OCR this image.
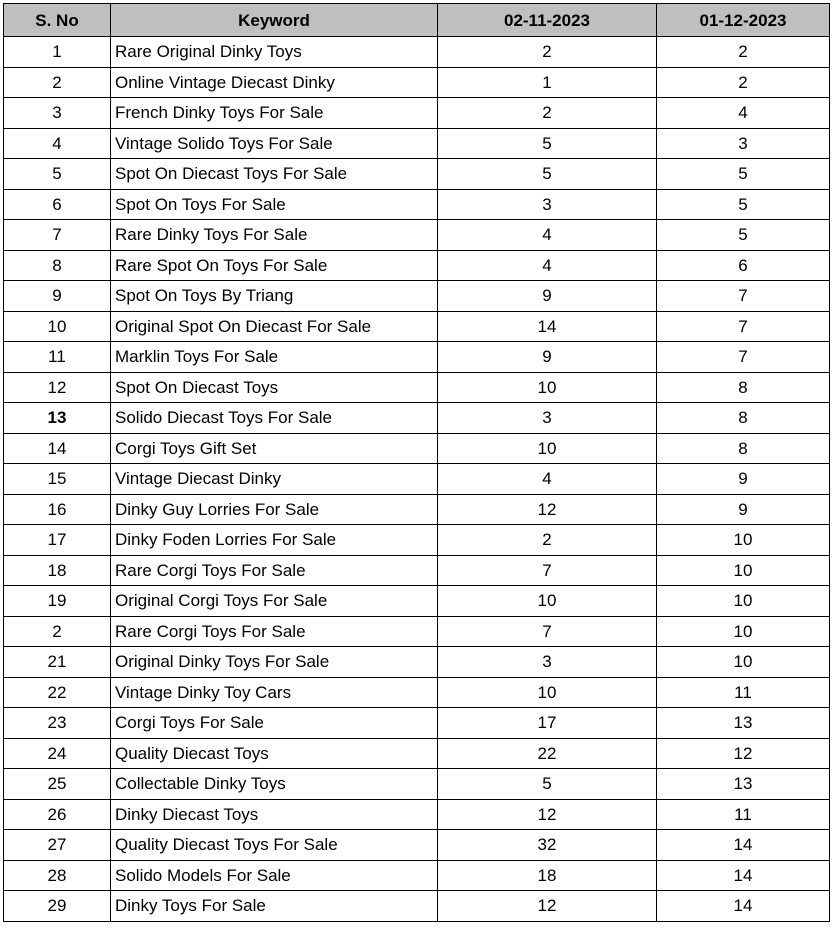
S. No	Keyword	02-11-2023	01-12-2023
1	Rare Original Dinky Toys	2	2
2	Online Vintage Diecast Dinky	1	2
3	French Dinky Toys For Sale	2	4
4	Vintage Solido Toys For Sale	5	3
5	Spot On Diecast Toys For Sale	5	5
6	Spot On Toys For Sale	3	5
7	Rare Dinky Toys For Sale	4	5
8	Rare Spot On Toys For Sale	4	6
9	Spot On Toys By Triang	9	7
10	Original Spot On Diecast For Sale	14	7
11	Marklin Toys For Sale	9	7
12	Spot On Diecast Toys	10	8
13	Solido Diecast Toys For Sale	3	8
14	Corgi Toys Gift Set	10	8
15	Vintage Diecast Dinky	4	9
16	Dinky Guy Lorries For Sale	12	9
17	Dinky Foden Lorries For Sale	2	10
18	Rare Corgi Toys For Sale	7	10
19	Original Corgi Toys For Sale	10	10
2	Rare Corgi Toys For Sale	7	10
21	Original Dinky Toys For Sale	3	10
22	Vintage Dinky Toy Cars	10	11
23	Corgi Toys For Sale	17	13
24	Quality Diecast Toys	22	12
25	Collectable Dinky Toys	5	13
26	Dinky Diecast Toys	12	11
27	Quality Diecast Toys For Sale	32	14
28	Solido Models For Sale	18	14
29	Dinky Toys For Sale	12	14
